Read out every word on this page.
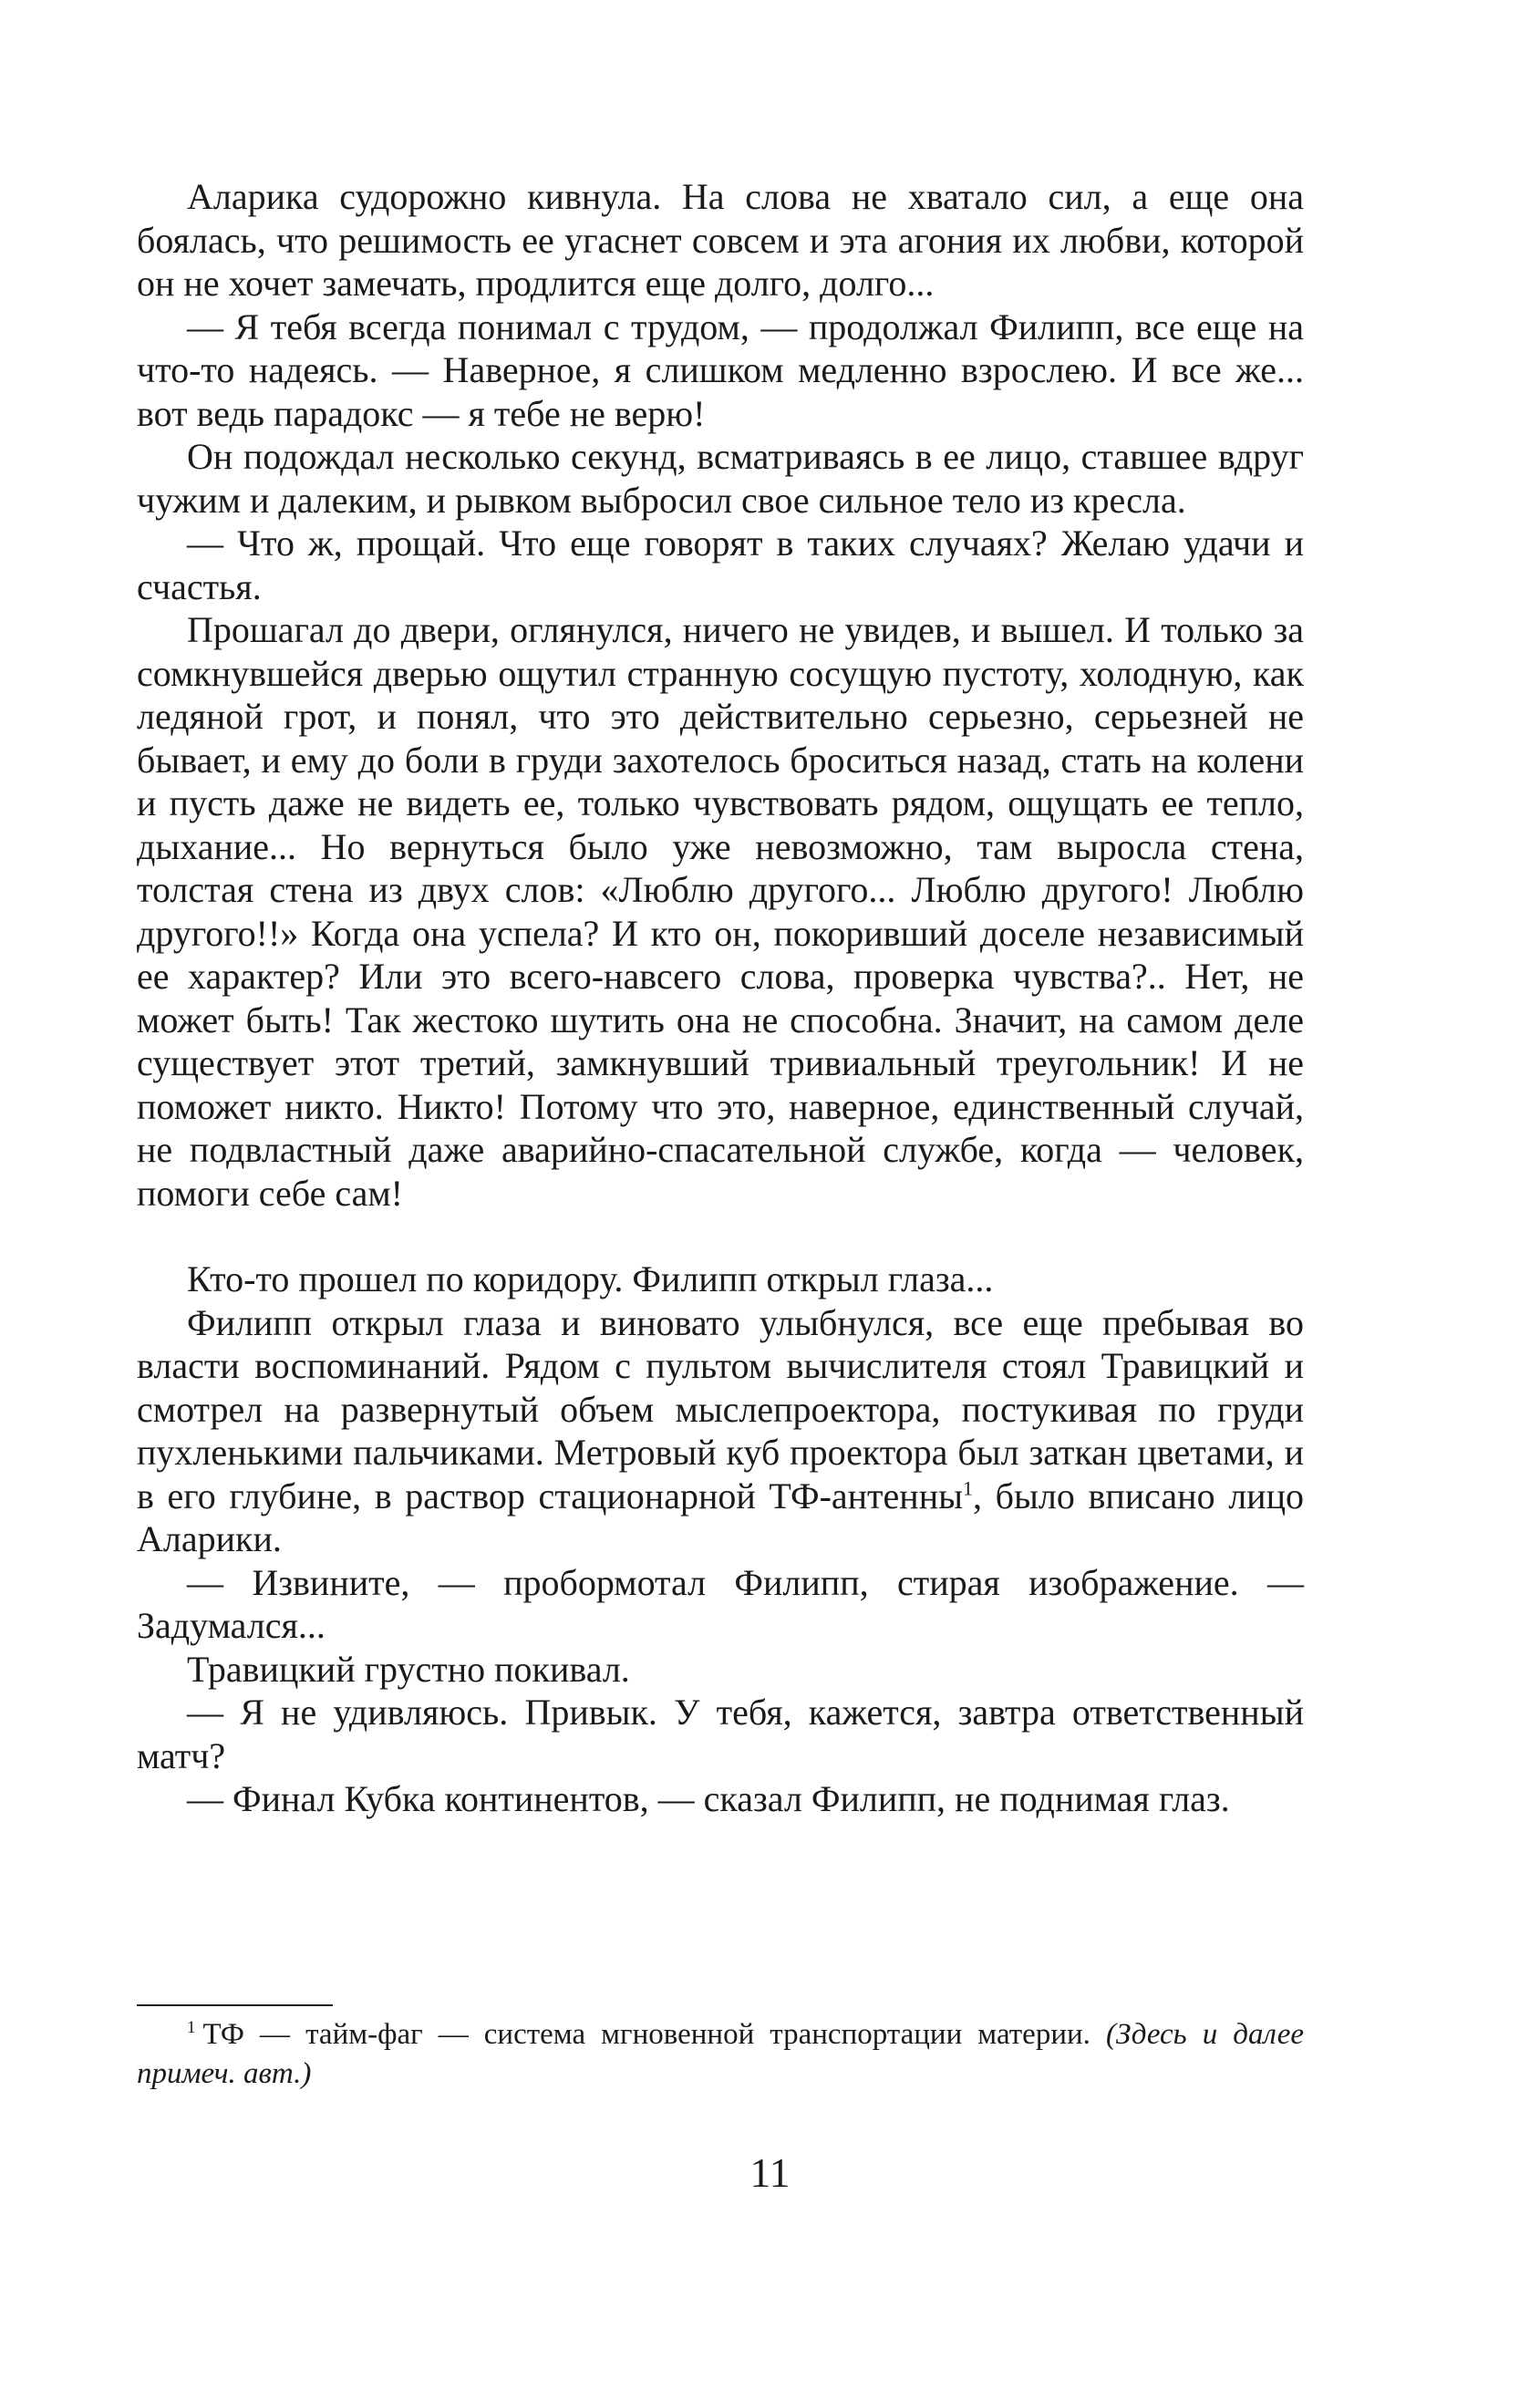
Аларика судорожно кивнула. На слова не хватало сил, а еще она боялась, что решимость ее угаснет совсем и эта агония их любви, которой он не хочет замечать, продлится еще долго, долго...

— Я тебя всегда понимал с трудом, — продолжал Филипп, все еще на что-то надеясь. — Наверное, я слишком медленно взрослею. И все же... вот ведь парадокс — я тебе не верю!

Он подождал несколько секунд, всматриваясь в ее лицо, ставшее вдруг чужим и далеким, и рывком выбросил свое сильное тело из кресла.

— Что ж, прощай. Что еще говорят в таких случаях? Желаю удачи и счастья.

Прошагал до двери, оглянулся, ничего не увидев, и вышел. И только за сомкнувшейся дверью ощутил странную сосущую пустоту, холодную, как ледяной грот, и понял, что это действительно серьезно, серьезней не бывает, и ему до боли в груди захотелось броситься назад, стать на колени и пусть даже не видеть ее, только чувствовать рядом, ощущать ее тепло, дыхание... Но вернуться было уже невозможно, там выросла стена, толстая стена из двух слов: «Люблю другого... Люблю другого! Люблю другого!!» Когда она успела? И кто он, покоривший доселе независимый ее характер? Или это всего-навсего слова, проверка чувства?.. Нет, не может быть! Так жестоко шутить она не способна. Значит, на самом деле существует этот третий, замкнувший тривиальный треугольник! И не поможет никто. Никто! Потому что это, наверное, единственный случай, не подвластный даже аварийно-спасательной службе, когда — человек, помоги себе сам!

Кто-то прошел по коридору. Филипп открыл глаза...

Филипп открыл глаза и виновато улыбнулся, все еще пребывая во власти воспоминаний. Рядом с пультом вычислителя стоял Травицкий и смотрел на развернутый объем мыслепроектора, постукивая по груди пухленькими пальчиками. Метровый куб проектора был заткан цветами, и в его глубине, в раствор стационарной ТФ-антенны$^1$, было вписано лицо Аларики.

— Извините, — пробормотал Филипп, стирая изображение. — Задумался...

Травицкий грустно покивал.

— Я не удивляюсь. Привык. У тебя, кажется, завтра ответственный матч?

— Финал Кубка континентов, — сказал Филипп, не поднимая глаз.

$^1$ ТФ — тайм-фаг — система мгновенной транспортации материи. (Здесь и далее примеч. авт.)

11
